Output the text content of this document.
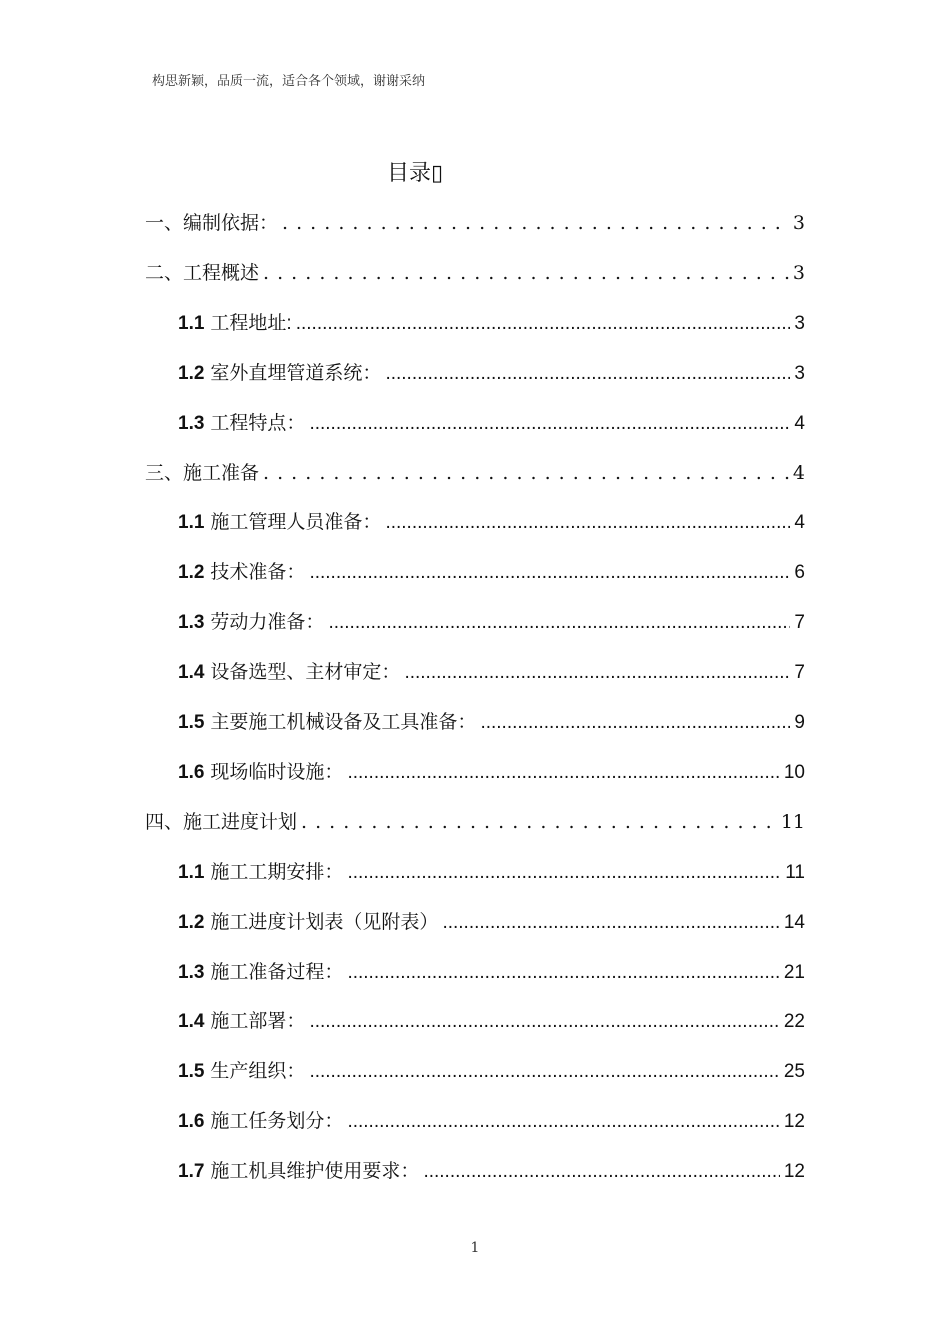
构思新颖，品质一流，适合各个领域，谢谢采纳
目录▯
一、编制依据： . . .	3
二、工程概述 . . .	3
1.1 工程地址: .....	3
1.2 室外直埋管道系统： .....	3
1.3 工程特点： .....	4
三、施工准备 . . .	4
1.1 施工管理人员准备： .....	4
1.2 技术准备： .....	6
1.3 劳动力准备： .....	7
1.4 设备选型、主材审定： .....	7
1.5 主要施工机械设备及工具准备： .....	9
1.6 现场临时设施： .....	10
四、施工进度计划 . . .	11
1.1 施工工期安排： .....	11
1.2 施工进度计划表（见附表） .....	14
1.3 施工准备过程： .....	21
1.4 施工部署： .....	22
1.5 生产组织： .....	25
1.6 施工任务划分： .....	12
1.7 施工机具维护使用要求： .....	12
1
